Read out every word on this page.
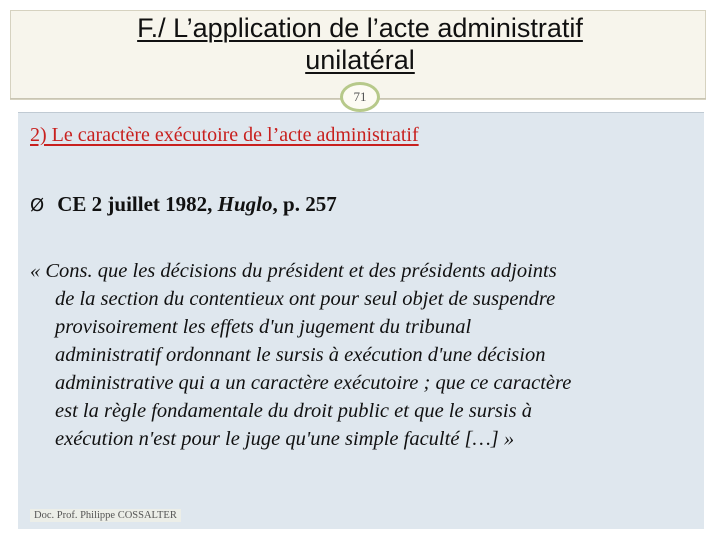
F./ L’application de l’acte administratif
unilatéral
71
2) Le caractère exécutoire de l’acte administratif
Ø CE 2 juillet 1982, Huglo, p. 257
« Cons. que les décisions du président et des présidents adjoints
de la section du contentieux ont pour seul objet de suspendre
provisoirement les effets d'un jugement du tribunal
administratif ordonnant le sursis à exécution d'une décision
administrative qui a un caractère exécutoire ; que ce caractère
est la règle fondamentale du droit public et que le sursis à
exécution n'est pour le juge qu'une simple faculté […] »
Doc. Prof. Philippe COSSALTER
